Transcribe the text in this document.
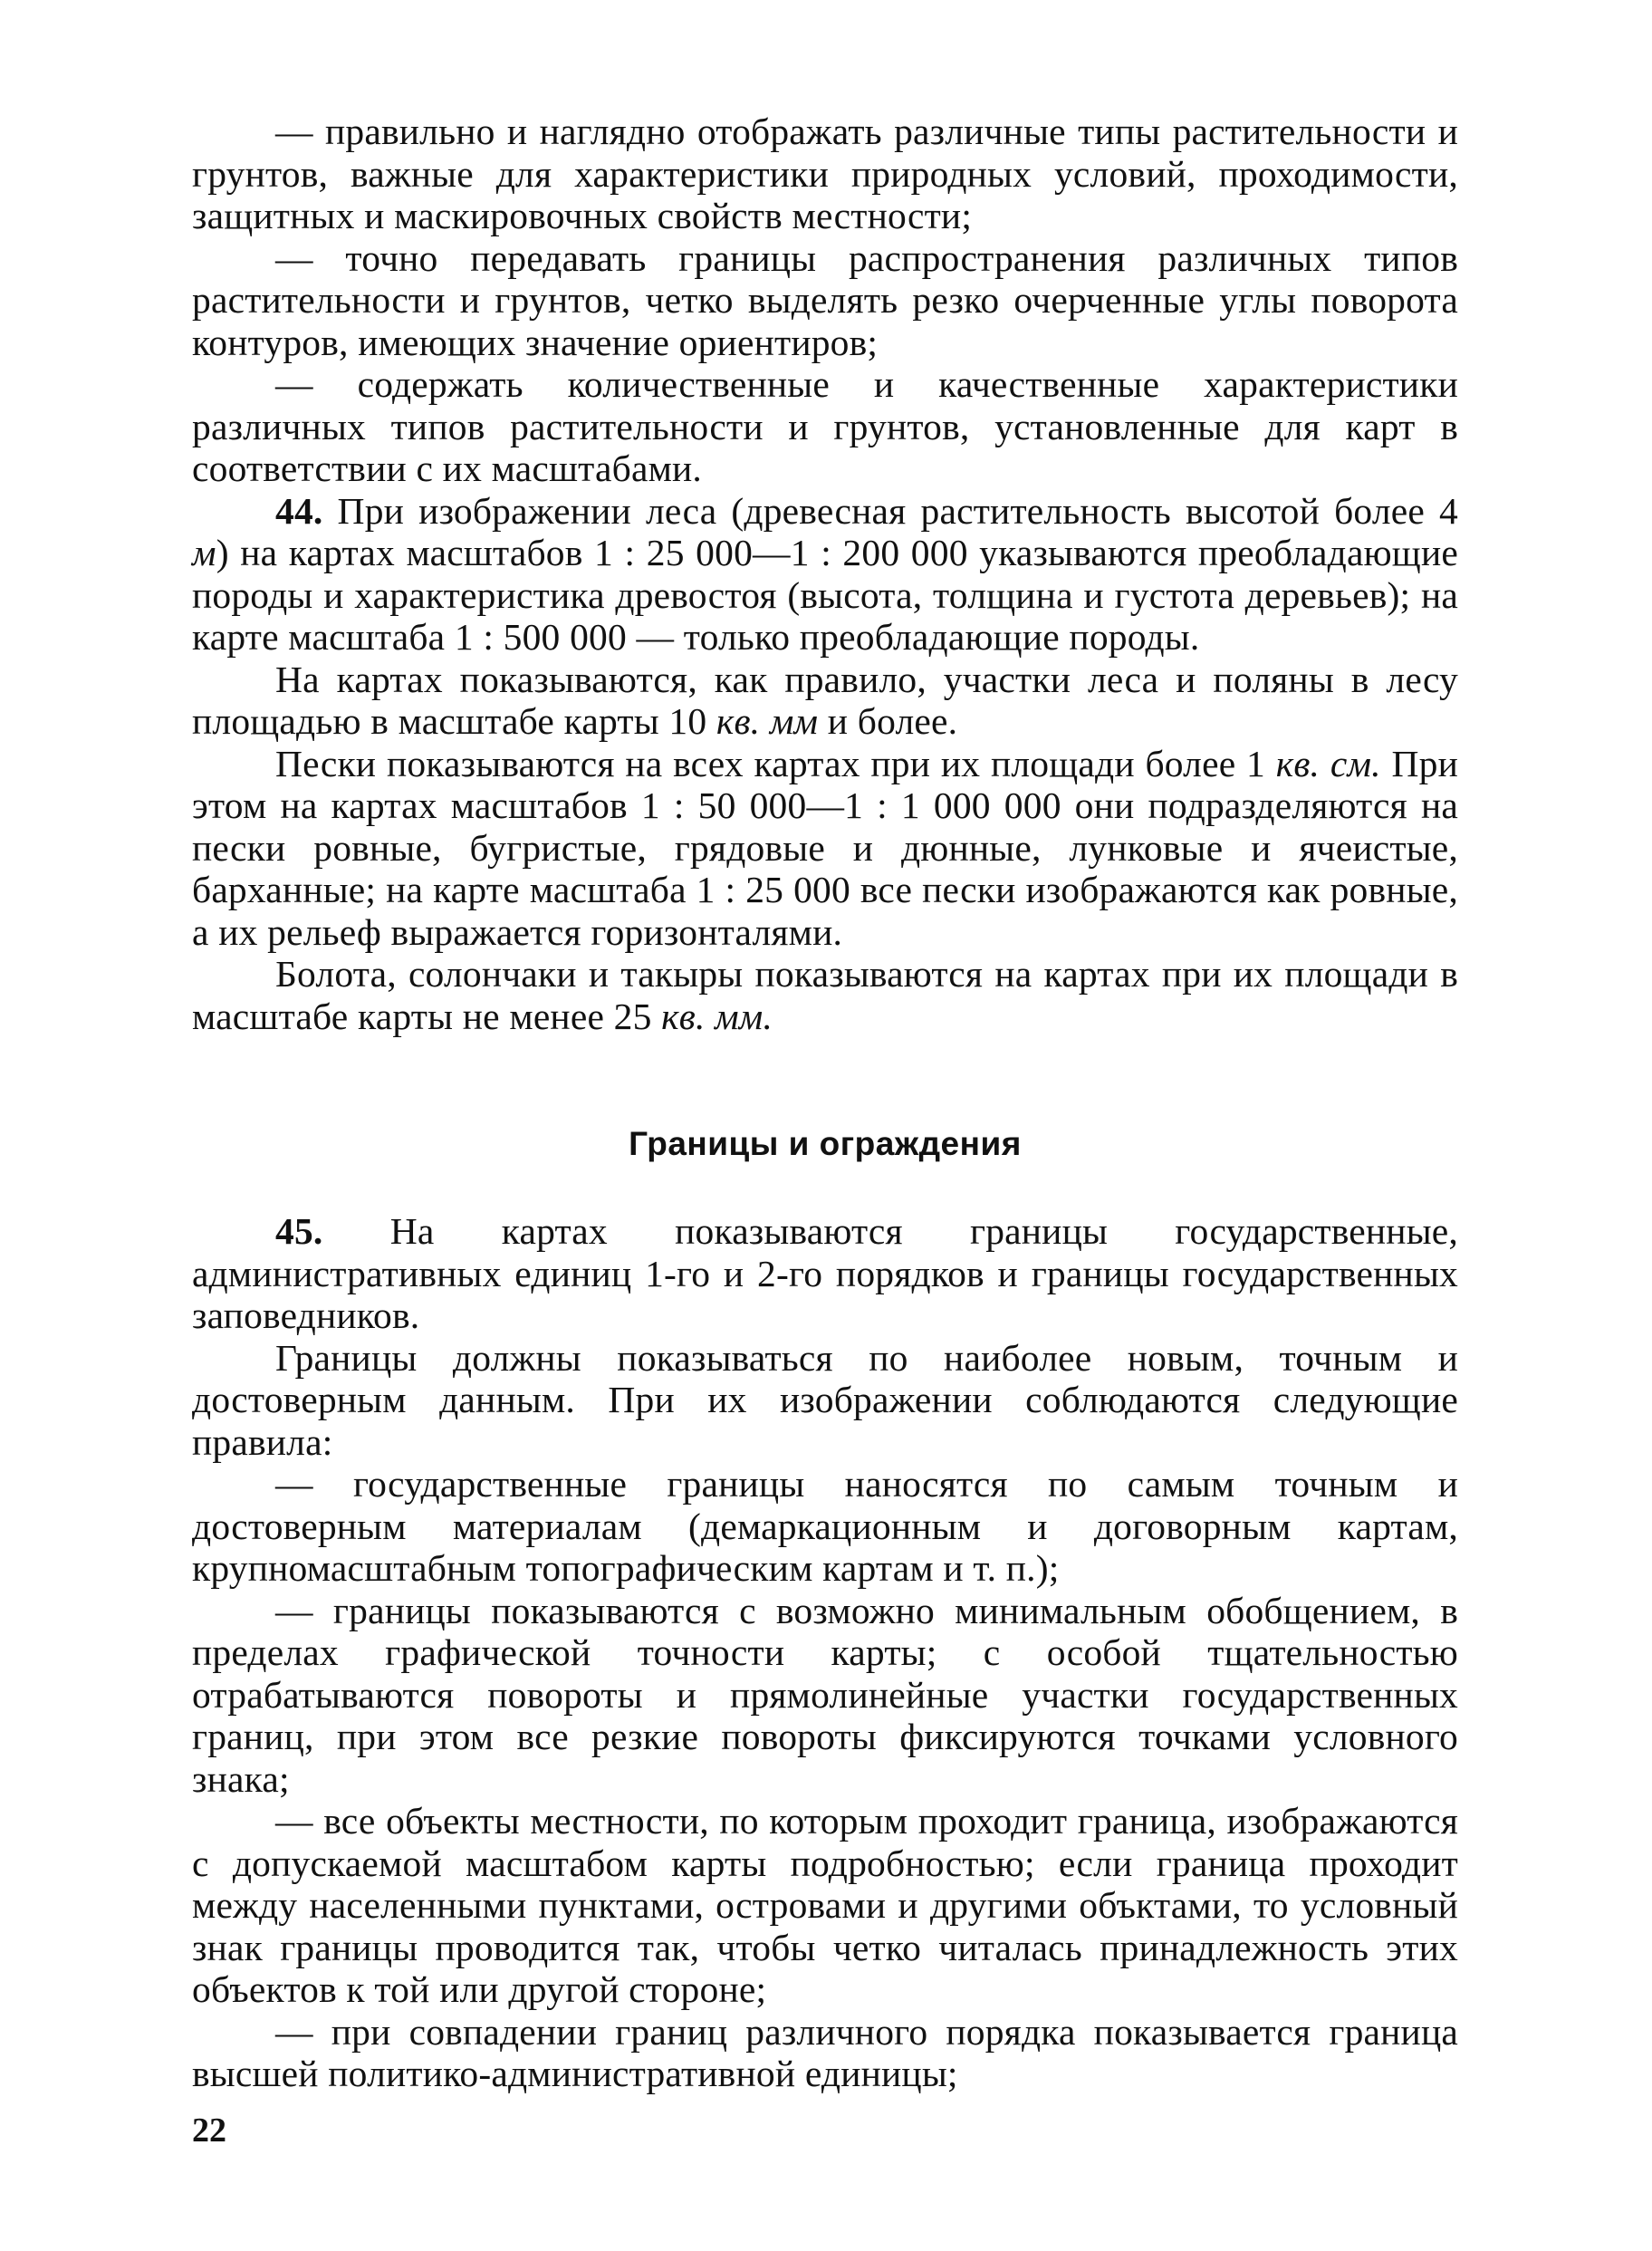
— правильно и наглядно отображать различные типы растительности и грунтов, важные для характеристики природных условий, проходимости, защитных и маскировочных свойств местности;

— точно передавать границы распространения различных типов растительности и грунтов, четко выделять резко очерченные углы поворота контуров, имеющих значение ориентиров;

— содержать количественные и качественные характеристики различных типов растительности и грунтов, установленные для карт в соответствии с их масштабами.

44. При изображении леса (древесная растительность высотой более 4 м) на картах масштабов 1 : 25 000—1 : 200 000 указываются преобладающие породы и характеристика древостоя (высота, толщина и густота деревьев); на карте масштаба 1 : 500 000 — только преобладающие породы.

На картах показываются, как правило, участки леса и поляны в лесу площадью в масштабе карты 10 кв. мм и более.

Пески показываются на всех картах при их площади более 1 кв. см. При этом на картах масштабов 1 : 50 000—1 : 1 000 000 они подразделяются на пески ровные, бугристые, грядовые и дюнные, лунковые и ячеистые, барханные; на карте масштаба 1 : 25 000 все пески изображаются как ровные, а их рельеф выражается горизонталями.

Болота, солончаки и такыры показываются на картах при их площади в масштабе карты не менее 25 кв. мм.

Границы и ограждения

45. На картах показываются границы государственные, административных единиц 1-го и 2-го порядков и границы государственных заповедников.

Границы должны показываться по наиболее новым, точным и достоверным данным. При их изображении соблюдаются следующие правила:

— государственные границы наносятся по самым точным и достоверным материалам (демаркационным и договорным картам, крупномасштабным топографическим картам и т. п.);

— границы показываются с возможно минимальным обобщением, в пределах графической точности карты; с особой тщательностью отрабатываются повороты и прямолинейные участки государственных границ, при этом все резкие повороты фиксируются точками условного знака;

— все объекты местности, по которым проходит граница, изображаются с допускаемой масштабом карты подробностью; если граница проходит между населенными пунктами, островами и другими объктами, то условный знак границы проводится так, чтобы четко читалась принадлежность этих объектов к той или другой стороне;

— при совпадении границ различного порядка показывается граница высшей политико-административной единицы;

22
